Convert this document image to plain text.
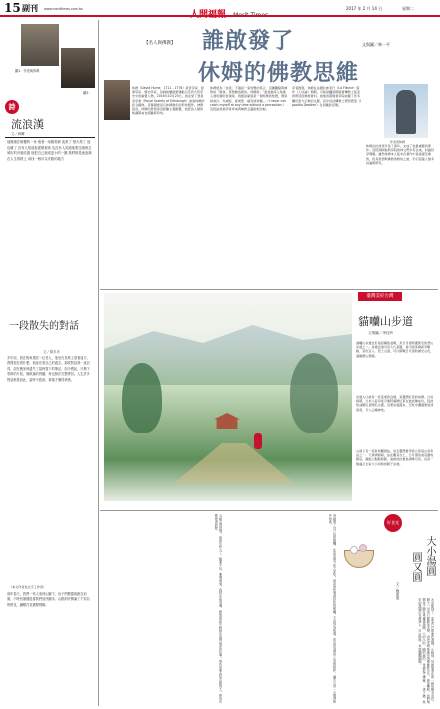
15 副刊 www.merittimes.com.tw	2017 年 2 月 14 日	星期二
圖1：作者與休姆
圖3：
詩
流浪漢
文／林暉
他蜷縮在騎樓的一角 抱著一床舊棉被 夜來了 燈火熄了 他也睡了 沒有人知道他從哪裡來 也沒有人知道他要往哪裡去 城市的冷風吹過 他把自己縮成更小的一團 我們都是流浪漢 在人生的路上 尋找一個可以安歇的地方
一段散失的對話
文／廖多多
多年前，我在街角遇見一位老人，他坐在長椅上望著遠方。我問他在看什麼，他說在看自己的過去。那段對話我一直記得，卻在搬家時遺失了當時寫下的筆記。如今想起，只剩下零碎的片段，像散落的拼圖，再也無法完整拼回。人生許多對話都是如此，當時不經意，事後才懂得珍惜。
（本文作者為文字工作者）
那年春天，我們一家人來到山腳下，孩子們興奮地跑在前頭，不時回頭催促著我們加快腳步。山路兩旁開滿了不知名的野花，蝴蝶在花叢間飛舞。
【名人與佛教】 誰啟發了
休姆的佛教思維
文與圖／林一平
休姆（David Hume，1711－1776）是哲學家、經濟學家、歷史學家，是蘇格蘭啟蒙運動以及西方哲學史中的重要人物。2016年10月20日，我在愛丁堡皇家學會（Royal Society of Edinburgh）看到休姆的紀念銅像。這尊銅像是以休姆晚年的形象製作，神情從容。休姆的思想深受經驗主義影響，他認為人類的知識都來自經驗與印象。
休姆認為「自我」不過是一束知覺的集合，這種觀點與佛教的「無我」思想頗為相似。休姆說：「當我最深入地進入我所謂的自我時，我總是碰到某一個特殊的知覺，例如熱或冷、光或暗、愛或恨、痛苦或快樂。」（I never can catch myself at any time without a perception.）這段話常被學者拿來與佛教五蘊說相比較。
學者推測，休姆在法國拉弗萊什（La Flèche）寫作《人性論》期間，可能接觸到耶穌會傳教士從亞洲帶回的佛教資料。當地的耶穌會學院收藏了許多關於東方宗教的文獻，其中包括傳教士德西德里（Ippolito Desideri）在西藏的見聞。
休姆在拉弗萊什待了兩年，完成了他最重要的著作。這段期間他與學院的神父們多有往來，討論哲學問題。雖然休姆本人從未在著作中直接提及佛教，但其思想與佛教的相似之處，仍引起後人諸多討論與研究。
作者書休姆
臺灣美好台灣
貓囒山步道
文與圖／李佳玲
貓囒山步道位於南投縣魚池鄉，是日月潭周邊著名的登山步道之一。步道沿途可見大片茶園，春天時茶樹新芽嫩綠，景色宜人。登上山頂，可以俯瞰日月潭的湖光山色，遠眺群山環繞。
步道入口處有一座茶業改良場，是臺灣紅茶的故鄉。日治時期，日本人從印度引進阿薩姆紅茶在此試種成功，從此魚池鄉紅茶聞名全臺。沿著步道漫步，空氣中瀰漫著淡淡茶香，令人心曠神怡。
山頂上有一座氣象觀測站，是全臺灣最早設立的高山氣象站之一。天氣晴朗時，站在觀景台上，日月潭的美景盡收眼底，湖面上點點船影，遠處的拉魯島清晰可見，這是一條適合全家大小同遊的親子步道。
父親走得很慢，他說年紀大了，膝蓋不好，要慢慢來。我陪在他身邊，聽他說起年輕時在這裡採茶的往事。那些故事我從小聽到大，卻每次都覺得新鮮。	母親帶了自己包的飯糰，在涼亭裡分給大家吃。那是我吃過最好吃的飯糰，不是因為味道，而是因為那份心意與陪伴，讓平凡的一天變得格外珍貴。	好食光
大小湯圓
圓又圓
文／鄭惠美
元宵節到了，家家戶戶都要吃湯圓。小時候，母親總會在前一晚把糯米泡好，隔天一早用石磨磨成米漿，再把米漿裝進布袋裡壓乾水分，做成粿粹。我們幾個孩子圍在桌邊搓湯圓，大的小的、圓的扁的，母親從不嫌棄，一律下鍋。煮好的湯圓浮在甜湯上，白白胖胖，象徵團團圓圓。
